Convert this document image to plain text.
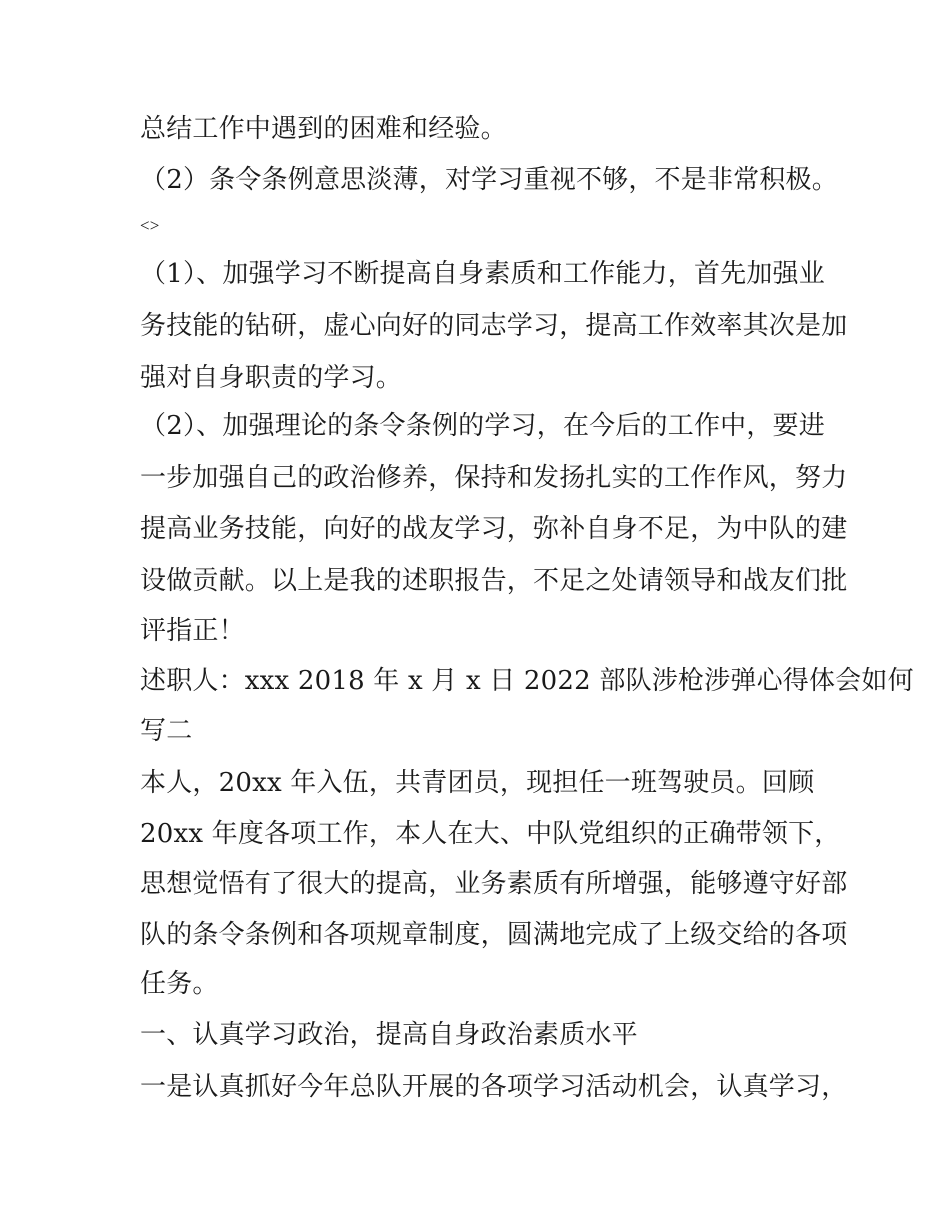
总结工作中遇到的困难和经验。
（2）条令条例意思淡薄，对学习重视不够，不是非常积极。
<>
（1）、加强学习不断提高自身素质和工作能力，首先加强业
务技能的钻研，虚心向好的同志学习，提高工作效率其次是加
强对自身职责的学习。
（2）、加强理论的条令条例的学习，在今后的工作中，要进
一步加强自己的政治修养，保持和发扬扎实的工作作风，努力
提高业务技能，向好的战友学习，弥补自身不足，为中队的建
设做贡献。以上是我的述职报告，不足之处请领导和战友们批
评指正！
述职人：xxx 2018 年 x 月 x 日 2022 部队涉枪涉弹心得体会如何
写二
本人，20xx 年入伍，共青团员，现担任一班驾驶员。回顾
20xx 年度各项工作，本人在大、中队党组织的正确带领下，
思想觉悟有了很大的提高，业务素质有所增强，能够遵守好部
队的条令条例和各项规章制度，圆满地完成了上级交给的各项
任务。
一、认真学习政治，提高自身政治素质水平
一是认真抓好今年总队开展的各项学习活动机会，认真学习，
